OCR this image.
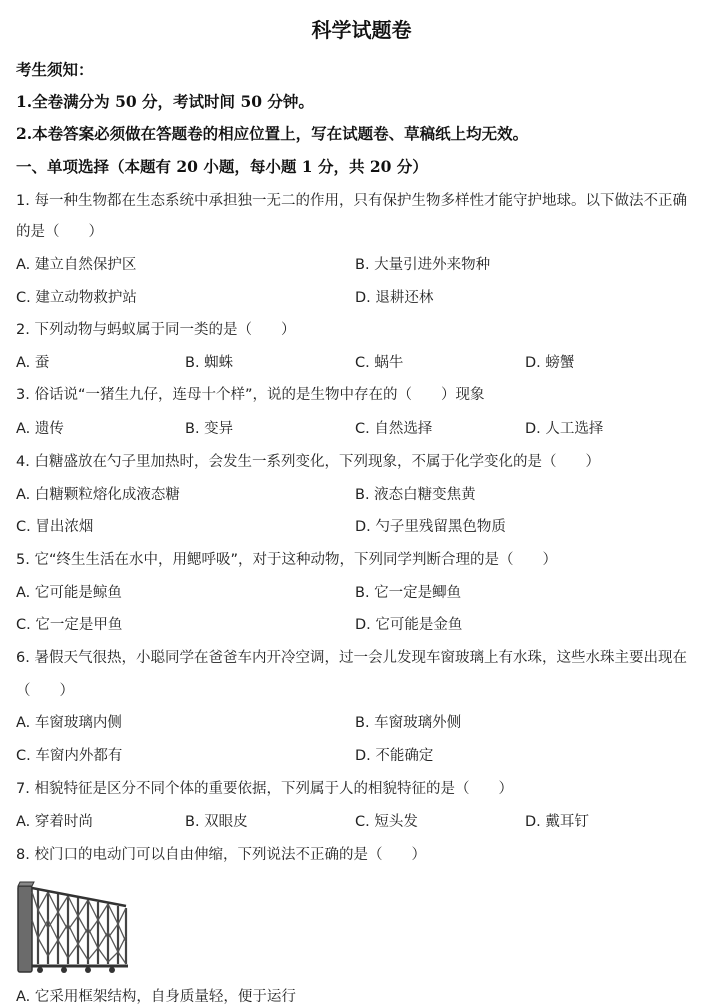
科学试题卷
考生须知：
1.全卷满分为 50 分，考试时间 50 分钟。
2.本卷答案必须做在答题卷的相应位置上，写在试题卷、草稿纸上均无效。
一、单项选择（本题有 20 小题，每小题 1 分，共 20 分）
1. 每一种生物都在生态系统中承担独一无二的作用，只有保护生物多样性才能守护地球。以下做法不正确
的是（　　）
A. 建立自然保护区	B. 大量引进外来物种
C. 建立动物救护站	D. 退耕还林
2. 下列动物与蚂蚁属于同一类的是（　　）
A. 蚕	B. 蜘蛛	C. 蜗牛	D. 螃蟹
3. 俗话说“一猪生九仔，连母十个样”，说的是生物中存在的（　　）现象
A. 遗传	B. 变异	C. 自然选择	D. 人工选择
4. 白糖盛放在勺子里加热时，会发生一系列变化，下列现象，不属于化学变化的是（　　）
A. 白糖颗粒熔化成液态糖	B. 液态白糖变焦黄
C. 冒出浓烟	D. 勺子里残留黑色物质
5. 它“终生生活在水中，用鳃呼吸”，对于这种动物，下列同学判断合理的是（　　）
A. 它可能是鲸鱼	B. 它一定是鲫鱼
C. 它一定是甲鱼	D. 它可能是金鱼
6. 暑假天气很热，小聪同学在爸爸车内开冷空调，过一会儿发现车窗玻璃上有水珠，这些水珠主要出现在
（　　）
A. 车窗玻璃内侧	B. 车窗玻璃外侧
C. 车窗内外都有	D. 不能确定
7. 相貌特征是区分不同个体的重要依据，下列属于人的相貌特征的是（　　）
A. 穿着时尚	B. 双眼皮	C. 短头发	D. 戴耳钉
8. 校门口的电动门可以自由伸缩，下列说法不正确的是（　　）
A. 它采用框架结构，自身质量轻，便于运行
